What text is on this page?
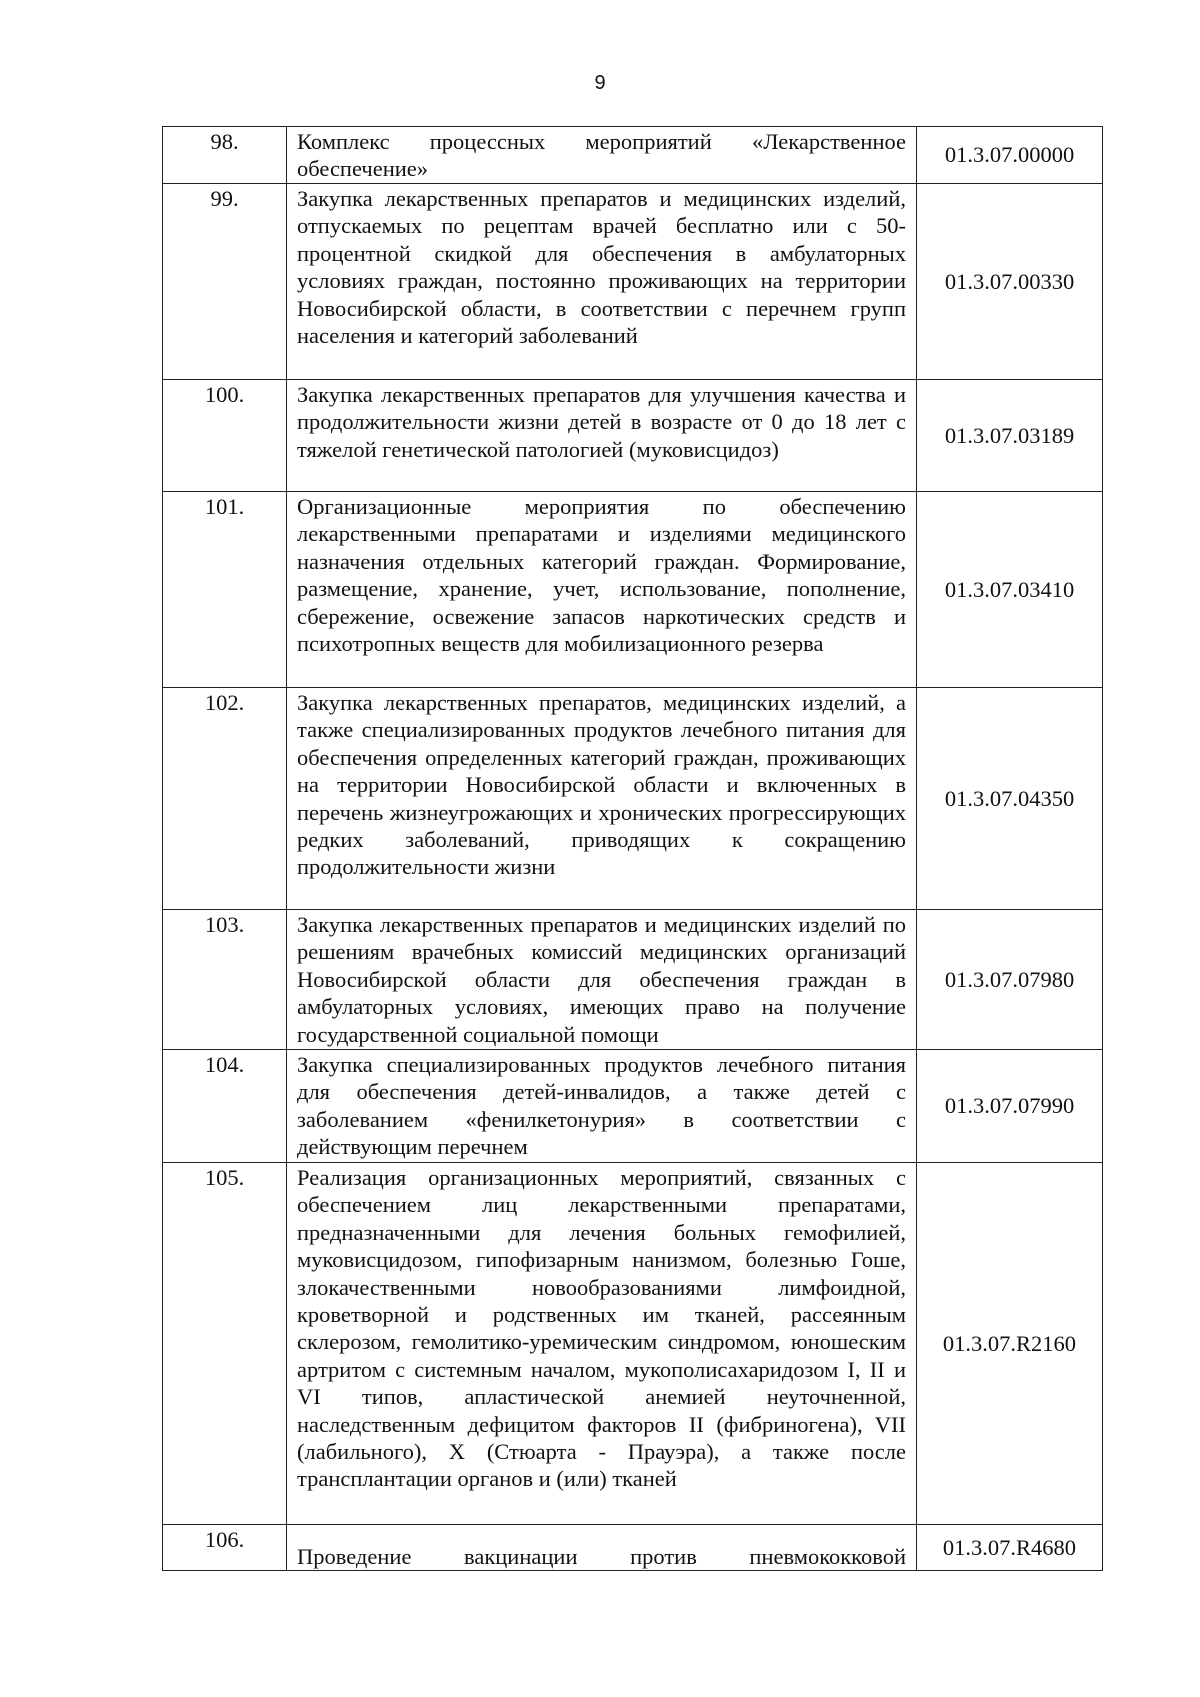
9
98.	Комплекс процессных мероприятий «Лекарственное обеспечение»	01.3.07.00000
99.	Закупка лекарственных препаратов и медицинских изделий, отпускаемых по рецептам врачей бесплатно или с 50-процентной скидкой для обеспечения в амбулаторных условиях граждан, постоянно проживающих на территории Новосибирской области, в соответствии с перечнем групп населения и категорий заболеваний	01.3.07.00330
100.	Закупка лекарственных препаратов для улучшения качества и продолжительности жизни детей в возрасте от 0 до 18 лет с тяжелой генетической патологией (муковисцидоз)	01.3.07.03189
101.	Организационные мероприятия по обеспечению лекарственными препаратами и изделиями медицинского назначения отдельных категорий граждан. Формирование, размещение, хранение, учет, использование, пополнение, сбережение, освежение запасов наркотических средств и психотропных веществ для мобилизационного резерва	01.3.07.03410
102.	Закупка лекарственных препаратов, медицинских изделий, а также специализированных продуктов лечебного питания для обеспечения определенных категорий граждан, проживающих на территории Новосибирской области и включенных в перечень жизнеугрожающих и хронических прогрессирующих редких заболеваний, приводящих к сокращению продолжительности жизни	01.3.07.04350
103.	Закупка лекарственных препаратов и медицинских изделий по решениям врачебных комиссий медицинских организаций Новосибирской области для обеспечения граждан в амбулаторных условиях, имеющих право на получение государственной социальной помощи	01.3.07.07980
104.	Закупка специализированных продуктов лечебного питания для обеспечения детей-инвалидов, а также детей с заболеванием «фенилкетонурия» в соответствии с действующим перечнем	01.3.07.07990
105.	Реализация организационных мероприятий, связанных с обеспечением лиц лекарственными препаратами, предназначенными для лечения больных гемофилией, муковисцидозом, гипофизарным нанизмом, болезнью Гоше, злокачественными новообразованиями лимфоидной, кроветворной и родственных им тканей, рассеянным склерозом, гемолитико-уремическим синдромом, юношеским артритом с системным началом, мукополисахаридозом I, II и VI типов, апластической анемией неуточненной, наследственным дефицитом факторов II (фибриногена), VII (лабильного), X (Стюарта - Прауэра), а также после трансплантации органов и (или) тканей	01.3.07.R2160
106.	Проведение вакцинации против пневмококковой	01.3.07.R4680
